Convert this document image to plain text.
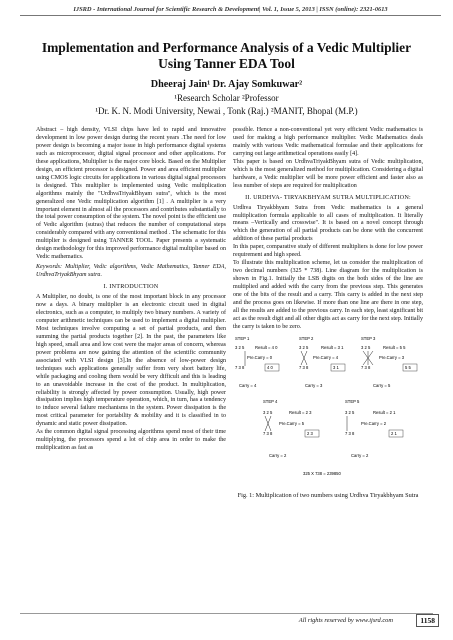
IJSRD - International Journal for Scientific Research & Development| Vol. 1, Issue 5, 2013 | ISSN (online): 2321-0613
Implementation and Performance Analysis of a Vedic Multiplier Using Tanner EDA Tool
Dheeraj Jain¹ Dr. Ajay Somkuwar²
¹Research Scholar ²Professor
¹Dr. K. N. Modi University, Newai , Tonk (Raj.) ²MANIT, Bhopal (M.P.)

Abstract – high density, VLSI chips have led to rapid and innovative development in low power design during the recent years .The need for low power design is becoming a major issue in high performance digital systems such as microprocessor, digital signal processor and other applications. For these applications, Multiplier is the major core block. Based on the Multiplier design, an efficient processor is designed. Power and area efficient multiplier using CMOS logic circuits for applications in various digital signal processors is designed. This multiplier is implemented using Vedic multiplication algorithms mainly the "UrdhvaTriyakBhyam sutra", which is the most generalized one Vedic multiplication algorithm [1] . A multiplier is a very important element in almost all the processors and contributes substantially to the total power consumption of the system. The novel point is the efficient use of Vedic algorithm (sutras) that reduces the number of computational steps considerably compared with any conventional method . The schematic for this multiplier is designed using TANNER TOOL. Paper presents a systematic design methodology for this improved performance digital multiplier based on Vedic mathematics.

Keywords: Multiplier, Vedic algorithms, Vedic Mathematics, Tanner EDA, UrdhvaTriyakBhyam sutra.

I. INTRODUCTION

A Multiplier, no doubt, is one of the most important block in any processor now a days. A binary multiplier is an electronic circuit used in digital electronics, such as a computer, to multiply two binary numbers. A variety of computer arithmetic techniques can be used to implement a digital multiplier. Most techniques involve computing a set of partial products, and then summing the partial products together [2]. In the past, the parameters like high speed, small area and low cost were the major areas of concern, whereas power problems are now gaining the attention of the scientific community associated with VLSI design [3].In the absence of low-power design techniques such applications generally suffer from very short battery life, while packaging and cooling them would be very difficult and this is leading to an unavoidable increase in the cost of the product. In multiplication, reliability is strongly affected by power consumption. Usually, high power dissipation implies high temperature operation, which, in turn, has a tendency to induce several failure mechanisms in the system. Power dissipation is the most critical parameter for portability & mobility and it is classified in to dynamic and static power dissipation.

As the common digital signal processing algorithms spend most of their time multiplying, the processors spend a lot of chip area in order to make the multiplication as fast as

possible. Hence a non-conventional yet very efficient Vedic mathematics is used for making a high performance multiplier. Vedic Mathematics deals mainly with various Vedic mathematical formulae and their applications for carrying out large arithmetical operations easily [4].

This paper is based on UrdhvaTriyakBhyam sutra of Vedic multiplication, which is the most generalized method for multiplication. Considering a digital hardware, a Vedic multiplier will be more power efficient and faster also as less number of steps are required for multiplication

II. URDHVA- TIRYAKBHYAM SUTRA MULTIPLICATION:

Urdhva Tiryakbhyam Sutra from Vedic mathematics is a general multiplication formula applicable to all cases of multiplication. It literally means –Vertically and crosswise". It is based on a novel concept through which the generation of all partial products can be done with the concurrent addition of these partial products

In this paper, comparative study of different multipliers is done for low power requirement and high speed.

To illustrate this multiplication scheme, let us consider the multiplication of two decimal numbers (325 * 738). Line diagram for the multiplication is shown in Fig.1. Initially the LSB digits on the both sides of the line are multiplied and added with the carry from the previous step. This generates one of the bits of the result and a carry. This carry is added in the next step and the process goes on likewise. If more than one line are there in one step, all the results are added to the previous carry. In each step, least significant bit act as the result digit and all other digits act as carry for the next step. Initially the carry is taken to be zero.

STEP 1
3 2 5	Result = 4 0
Pre.Carry = 0
7 3 8	4 0
Carry = 4
STEP 2
3 2 5	Result = 3 1
Pre.Carry = 4
7 3 8	3 1
Carry = 3
STEP 3
3 2 5	Result = 5 5
Pre.Carry = 3
7 3 8	5 5
Carry = 5
STEP 4
3 2 5	Result = 2 3
Pre.Carry = 5
7 3 8	2 3
Carry = 2
STEP 5
3 2 5	Result = 2 1
Pre.Carry = 2
7 3 8	2 1
Carry = 2
325 X 738 = 239850
Fig. 1: Multiplication of two numbers using Urdhva Tiryakbhyam Sutra
All rights reserved by www.ijsrd.com	1158
